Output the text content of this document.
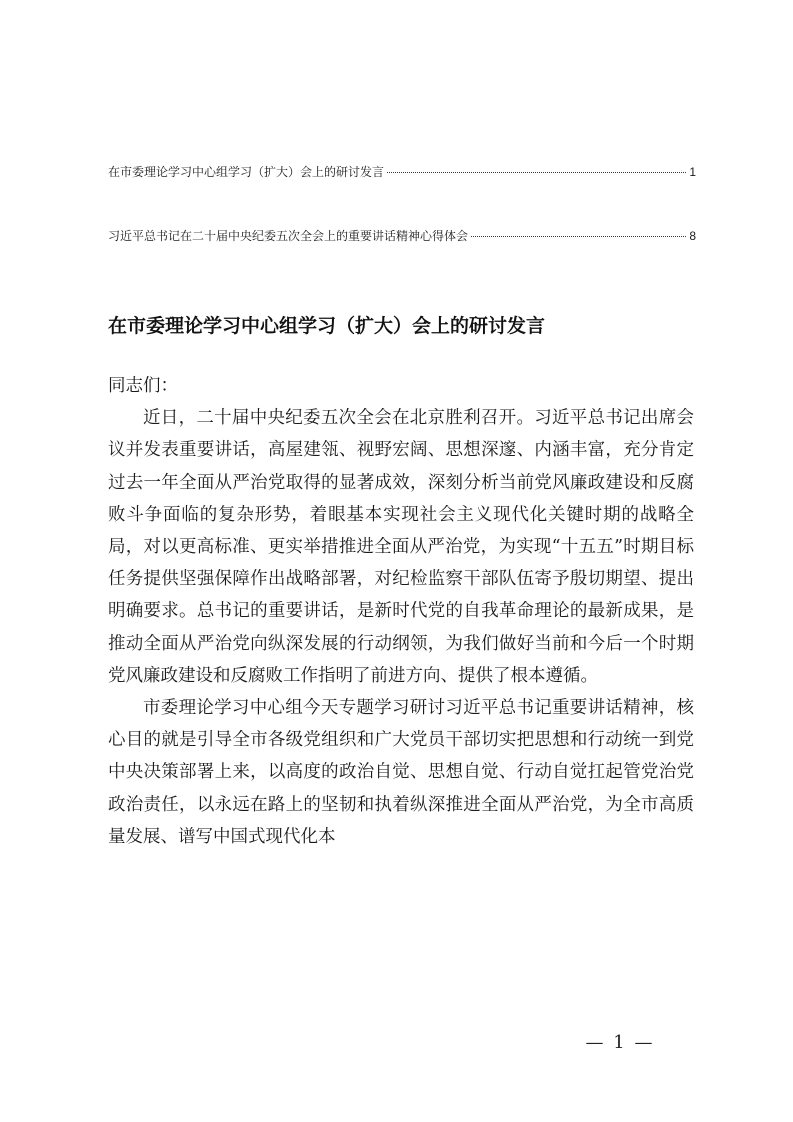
在市委理论学习中心组学习（扩大）会上的研讨发言	1
习近平总书记在二十届中央纪委五次全会上的重要讲话精神心得体会	8
在市委理论学习中心组学习（扩大）会上的研讨发言

同志们：

近日，二十届中央纪委五次全会在北京胜利召开。习近平总书记出席会议并发表重要讲话，高屋建瓴、视野宏阔、思想深邃、内涵丰富，充分肯定过去一年全面从严治党取得的显著成效，深刻分析当前党风廉政建设和反腐败斗争面临的复杂形势，着眼基本实现社会主义现代化关键时期的战略全局，对以更高标准、更实举措推进全面从严治党，为实现“十五五”时期目标任务提供坚强保障作出战略部署，对纪检监察干部队伍寄予殷切期望、提出明确要求。总书记的重要讲话，是新时代党的自我革命理论的最新成果，是推动全面从严治党向纵深发展的行动纲领，为我们做好当前和今后一个时期党风廉政建设和反腐败工作指明了前进方向、提供了根本遵循。

市委理论学习中心组今天专题学习研讨习近平总书记重要讲话精神，核心目的就是引导全市各级党组织和广大党员干部切实把思想和行动统一到党中央决策部署上来，以高度的政治自觉、思想自觉、行动自觉扛起管党治党政治责任，以永远在路上的坚韧和执着纵深推进全面从严治党，为全市高质量发展、谱写中国式现代化本

— 1 —
